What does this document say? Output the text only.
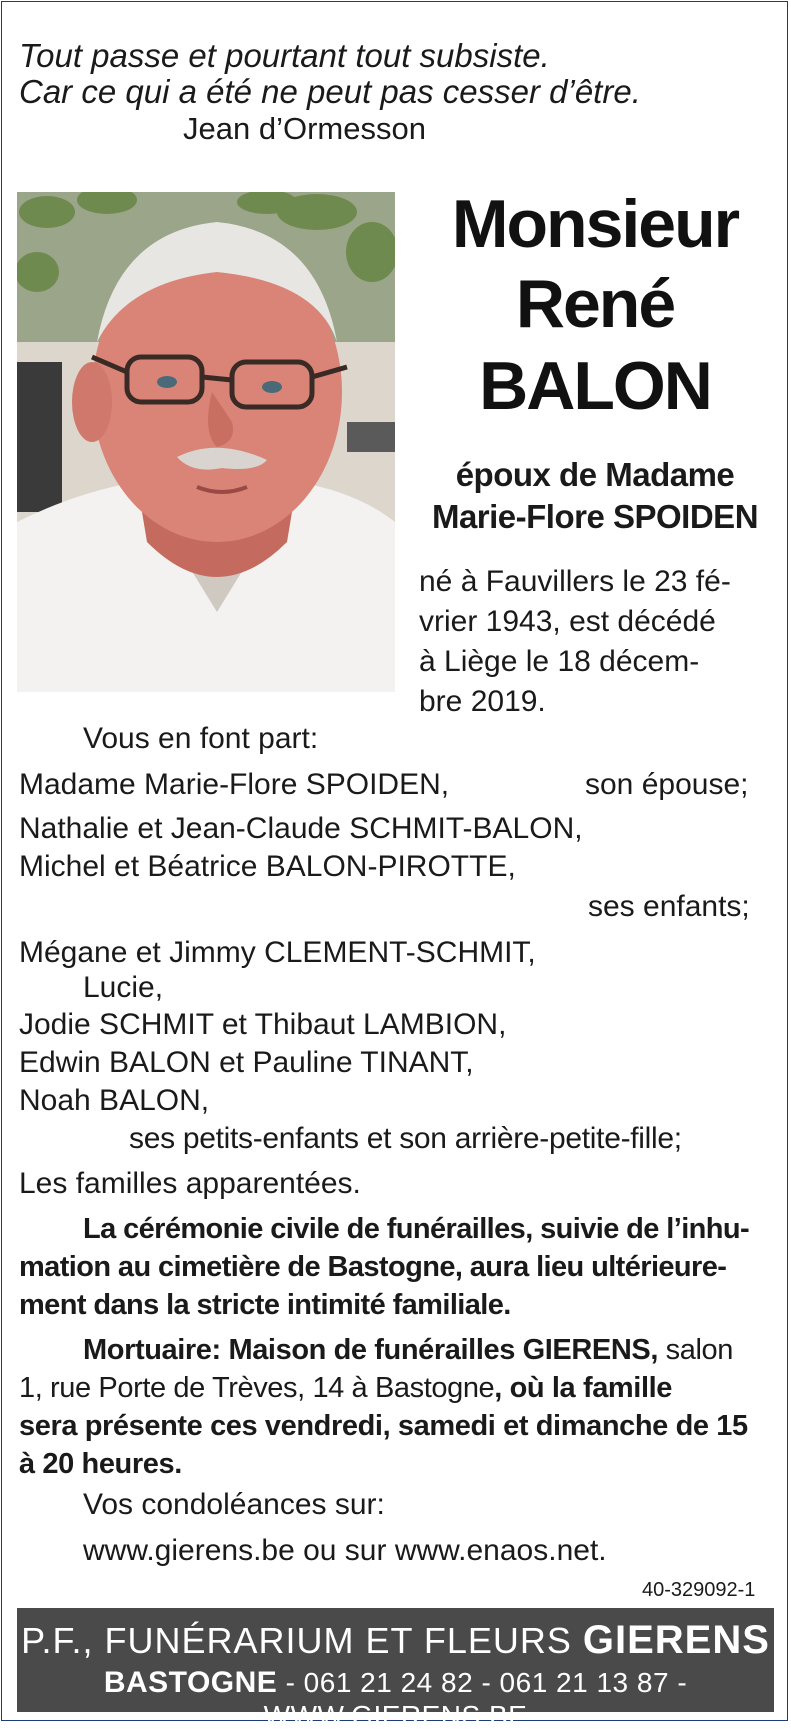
Tout passe et pourtant tout subsiste.
Car ce qui a été ne peut pas cesser d’être.
Jean d’Ormesson
Monsieur
René
BALON
époux de Madame
Marie-Flore SPOIDEN
né à Fauvillers le 23 fé-
vrier 1943, est décédé
à Liège le 18 décem-
bre 2019.
Vous en font part:
Madame Marie-Flore SPOIDEN,	son épouse;
Nathalie et Jean-Claude SCHMIT-BALON,
Michel et Béatrice BALON-PIROTTE,
ses enfants;
Mégane et Jimmy CLEMENT-SCHMIT,
Lucie,
Jodie SCHMIT et Thibaut LAMBION,
Edwin BALON et Pauline TINANT,
Noah BALON,
ses petits-enfants et son arrière-petite-fille;
Les familles apparentées.
La cérémonie civile de funérailles, suivie de l’inhu-
mation au cimetière de Bastogne, aura lieu ultérieure-
ment dans la stricte intimité familiale.
Mortuaire: Maison de funérailles GIERENS, salon
1, rue Porte de Trèves, 14 à Bastogne, où la famille
sera présente ces vendredi, samedi et dimanche de 15
à 20 heures.
Vos condoléances sur:
www.gierens.be ou sur www.enaos.net.
40-329092-1
P.F., FUNÉRARIUM ET FLEURS GIERENS
BASTOGNE - 061 21 24 82 - 061 21 13 87 - WWW.GIERENS.BE
